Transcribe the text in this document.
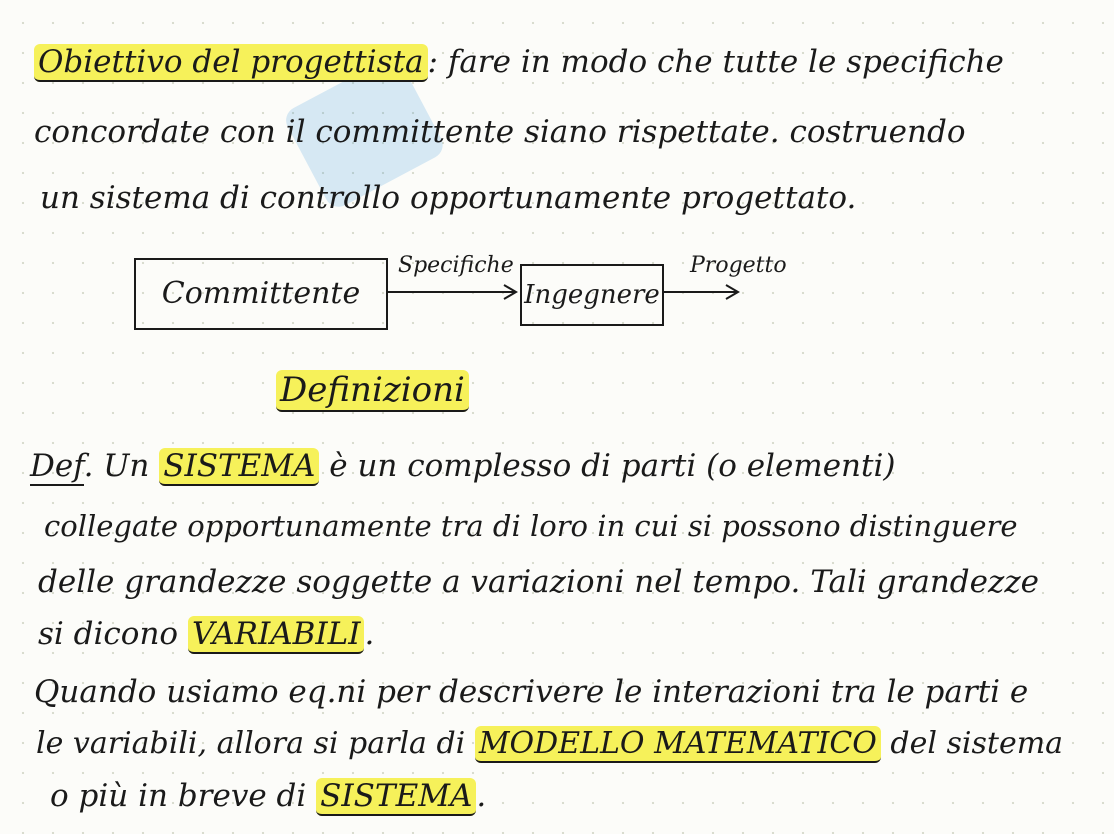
Obiettivo del progettista : fare in modo che tutte le specifiche
concordate con il committente siano rispettate. costruendo
un sistema di controllo opportunamente progettato.
Committente
Specifiche
Ingegnere
Progetto
Definizioni
Def. Un SISTEMA è un complesso di parti (o elementi)
collegate opportunamente tra di loro in cui si possono distinguere
delle grandezze soggette a variazioni nel tempo. Tali grandezze
si dicono VARIABILI .
Quando usiamo eq.ni per descrivere le interazioni tra le parti e
le variabili, allora si parla di MODELLO MATEMATICO del sistema
o più in breve di SISTEMA .
